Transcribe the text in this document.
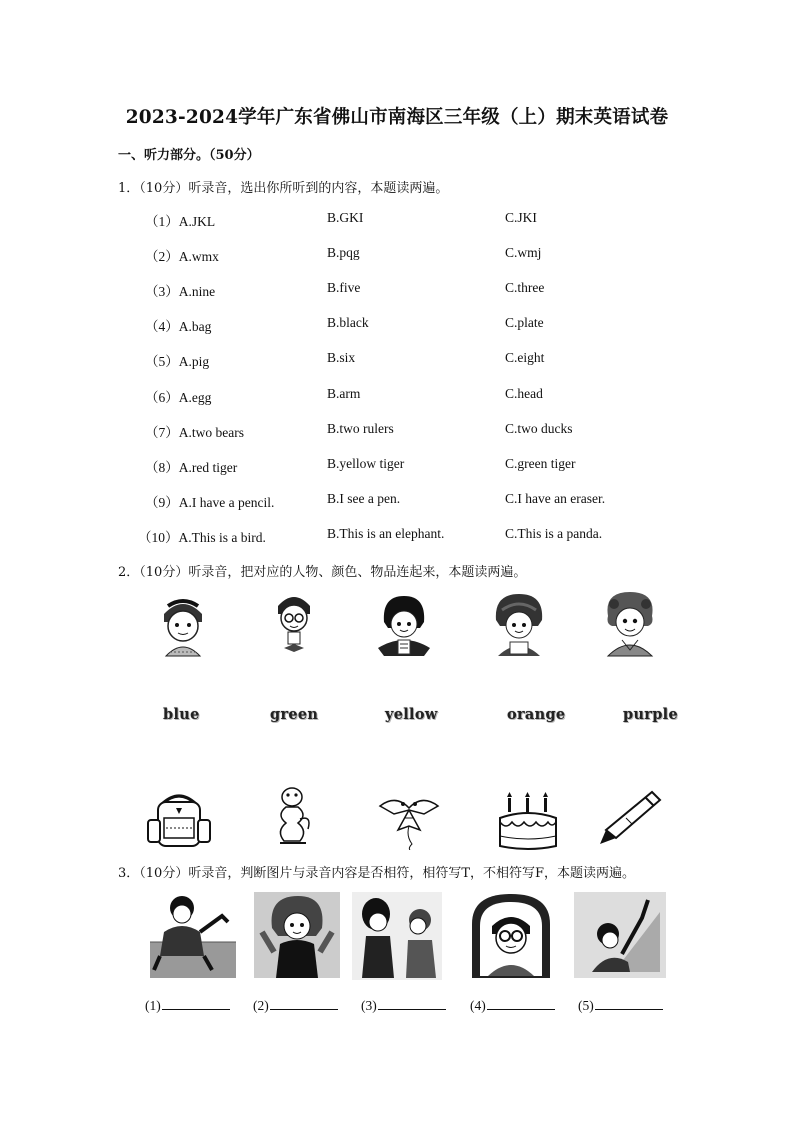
2023-2024学年广东省佛山市南海区三年级（上）期末英语试卷
一、听力部分。（50分）
1．（10分）听录音，选出你所听到的内容，本题读两遍。
（1）A.JKL	B.GKI	C.JKI
（2）A.wmx	B.pqg	C.wmj
（3）A.nine	B.five	C.three
（4）A.bag	B.black	C.plate
（5）A.pig	B.six	C.eight
（6）A.egg	B.arm	C.head
（7）A.two bears	B.two rulers	C.two ducks
（8）A.red tiger	B.yellow tiger	C.green tiger
（9）A.I have a pencil.	B.I see a pen.	C.I have an eraser.
（10）A.This is a bird.	B.This is an elephant.	C.This is a panda.
2．（10分）听录音，把对应的人物、颜色、物品连起来，本题读两遍。
blue	green	yellow	orange	purple
3．（10分）听录音，判断图片与录音内容是否相符，相符写T，不相符写F，本题读两遍。
(1)	(2)	(3)	(4)	(5)
